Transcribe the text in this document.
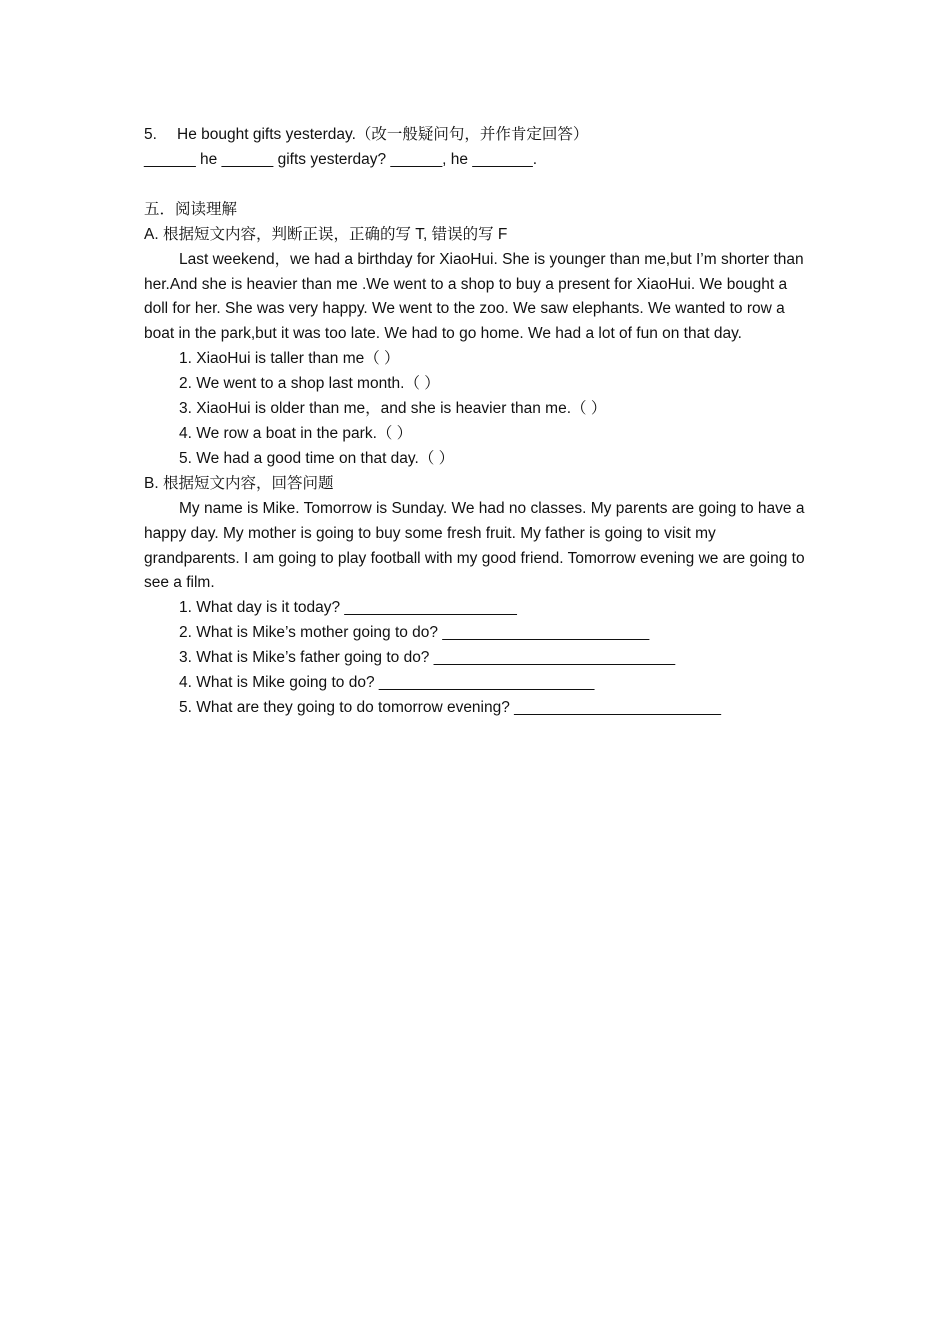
5. He bought gifts yesterday.（改一般疑问句，并作肯定回答）
______ he ______ gifts yesterday? ______, he _______.
五．阅读理解
A. 根据短文内容，判断正误，正确的写 T, 错误的写 F
Last weekend，we had a birthday for XiaoHui. She is younger than me,but I’m shorter than her.And she is heavier than me .We went to a shop to buy a present for XiaoHui. We bought a doll for her. She was very happy. We went to the zoo. We saw elephants. We wanted to row a boat in the park,but it was too late. We had to go home. We had a lot of fun on that day.
1. XiaoHui is taller than me（ ）
2. We went to a shop last month.（ ）
3. XiaoHui is older than me，and she is heavier than me.（ ）
4. We row a boat in the park.（ ）
5. We had a good time on that day.（ ）
B. 根据短文内容，回答问题
My name is Mike. Tomorrow is Sunday. We had no classes. My parents are going to have a happy day. My mother is going to buy some fresh fruit. My father is going to visit my grandparents. I am going to play football with my good friend. Tomorrow evening we are going to see a film.
1. What day is it today? ____________________
2. What is Mike’s mother going to do? ________________________
3. What is Mike’s father going to do? ____________________________
4. What is Mike going to do? _________________________
5. What are they going to do tomorrow evening? ________________________
